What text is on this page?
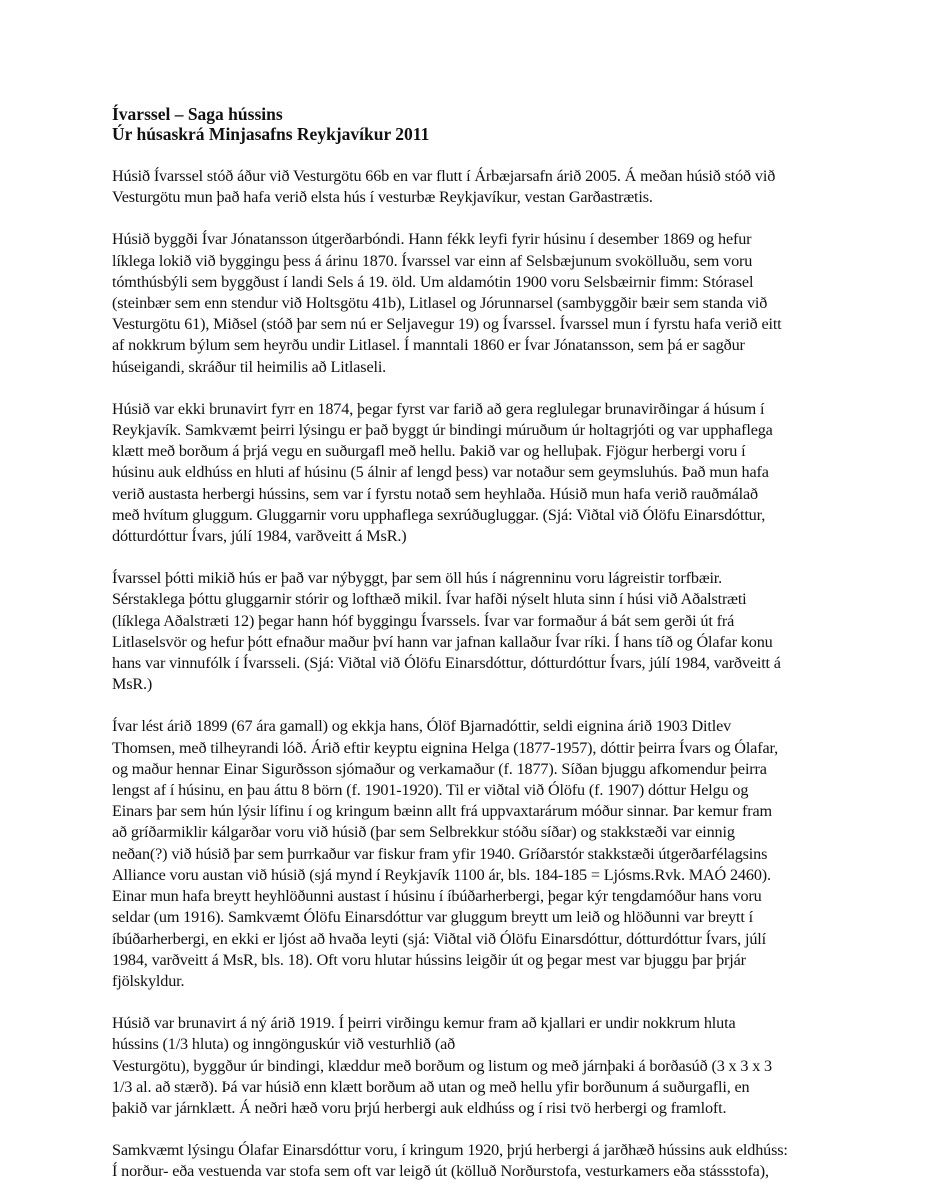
Ívarssel – Saga hússins
Úr húsaskrá Minjasafns Reykjavíkur 2011

Húsið Ívarssel stóð áður við Vesturgötu 66b en var flutt í Árbæjarsafn árið 2005. Á meðan húsið stóð við
Vesturgötu mun það hafa verið elsta hús í vesturbæ Reykjavíkur, vestan Garðastrætis.

Húsið byggði Ívar Jónatansson útgerðarbóndi. Hann fékk leyfi fyrir húsinu í desember 1869 og hefur
líklega lokið við byggingu þess á árinu 1870. Ívarssel var einn af Selsbæjunum svokölluðu, sem voru
tómthúsbýli sem byggðust í landi Sels á 19. öld. Um aldamótin 1900 voru Selsbæirnir fimm: Stórasel
(steinbær sem enn stendur við Holtsgötu 41b), Litlasel og Jórunnarsel (sambyggðir bæir sem standa við
Vesturgötu 61), Miðsel (stóð þar sem nú er Seljavegur 19) og Ívarssel. Ívarssel mun í fyrstu hafa verið eitt
af nokkrum býlum sem heyrðu undir Litlasel. Í manntali 1860 er Ívar Jónatansson, sem þá er sagður
húseigandi, skráður til heimilis að Litlaseli.

Húsið var ekki brunavirt fyrr en 1874, þegar fyrst var farið að gera reglulegar brunavirðingar á húsum í
Reykjavík. Samkvæmt þeirri lýsingu er það byggt úr bindingi múruðum úr holtagrjóti og var upphaflega
klætt með borðum á þrjá vegu en suðurgafl með hellu. Þakið var og helluþak. Fjögur herbergi voru í
húsinu auk eldhúss en hluti af húsinu (5 álnir af lengd þess) var notaður sem geymsluhús. Það mun hafa
verið austasta herbergi hússins, sem var í fyrstu notað sem heyhlaða. Húsið mun hafa verið rauðmálað
með hvítum gluggum. Gluggarnir voru upphaflega sexrúðugluggar. (Sjá: Viðtal við Ólöfu Einarsdóttur,
dótturdóttur Ívars, júlí 1984, varðveitt á MsR.)

Ívarssel þótti mikið hús er það var nýbyggt, þar sem öll hús í nágrenninu voru lágreistir torfbæir.
Sérstaklega þóttu gluggarnir stórir og lofthæð mikil. Ívar hafði nýselt hluta sinn í húsi við Aðalstræti
(líklega Aðalstræti 12) þegar hann hóf byggingu Ívarssels. Ívar var formaður á bát sem gerði út frá
Litlaselsvör og hefur þótt efnaður maður því hann var jafnan kallaður Ívar ríki. Í hans tíð og Ólafar konu
hans var vinnufólk í Ívarsseli. (Sjá: Viðtal við Ólöfu Einarsdóttur, dótturdóttur Ívars, júlí 1984, varðveitt á
MsR.)

Ívar lést árið 1899 (67 ára gamall) og ekkja hans, Ólöf Bjarnadóttir, seldi eignina árið 1903 Ditlev
Thomsen, með tilheyrandi lóð. Árið eftir keyptu eignina Helga (1877-1957), dóttir þeirra Ívars og Ólafar,
og maður hennar Einar Sigurðsson sjómaður og verkamaður (f. 1877). Síðan bjuggu afkomendur þeirra
lengst af í húsinu, en þau áttu 8 börn (f. 1901-1920). Til er viðtal við Ólöfu (f. 1907) dóttur Helgu og
Einars þar sem hún lýsir lífinu í og kringum bæinn allt frá uppvaxtarárum móður sinnar. Þar kemur fram
að gríðarmiklir kálgarðar voru við húsið (þar sem Selbrekkur stóðu síðar) og stakkstæði var einnig
neðan(?) við húsið þar sem þurrkaður var fiskur fram yfir 1940. Gríðarstór stakkstæði útgerðarfélagsins
Alliance voru austan við húsið (sjá mynd í Reykjavík 1100 ár, bls. 184-185 = Ljósms.Rvk. MAÓ 2460).
Einar mun hafa breytt heyhlöðunni austast í húsinu í íbúðarherbergi, þegar kýr tengdamóður hans voru
seldar (um 1916). Samkvæmt Ólöfu Einarsdóttur var gluggum breytt um leið og hlöðunni var breytt í
íbúðarherbergi, en ekki er ljóst að hvaða leyti (sjá: Viðtal við Ólöfu Einarsdóttur, dótturdóttur Ívars, júlí
1984, varðveitt á MsR, bls. 18). Oft voru hlutar hússins leigðir út og þegar mest var bjuggu þar þrjár
fjölskyldur.

Húsið var brunavirt á ný árið 1919. Í þeirri virðingu kemur fram að kjallari er undir nokkrum hluta
hússins (1/3 hluta) og inngönguskúr við vesturhlið (að
Vesturgötu), byggður úr bindingi, klæddur með borðum og listum og með járnþaki á borðasúð (3 x 3 x 3
1/3 al. að stærð). Þá var húsið enn klætt borðum að utan og með hellu yfir borðunum á suðurgafli, en
þakið var járnklætt. Á neðri hæð voru þrjú herbergi auk eldhúss og í risi tvö herbergi og framloft.

Samkvæmt lýsingu Ólafar Einarsdóttur voru, í kringum 1920, þrjú herbergi á jarðhæð hússins auk eldhúss:
Í norður- eða vestuenda var stofa sem oft var leigð út (kölluð Norðurstofa, vesturkamers eða stássstofa),
